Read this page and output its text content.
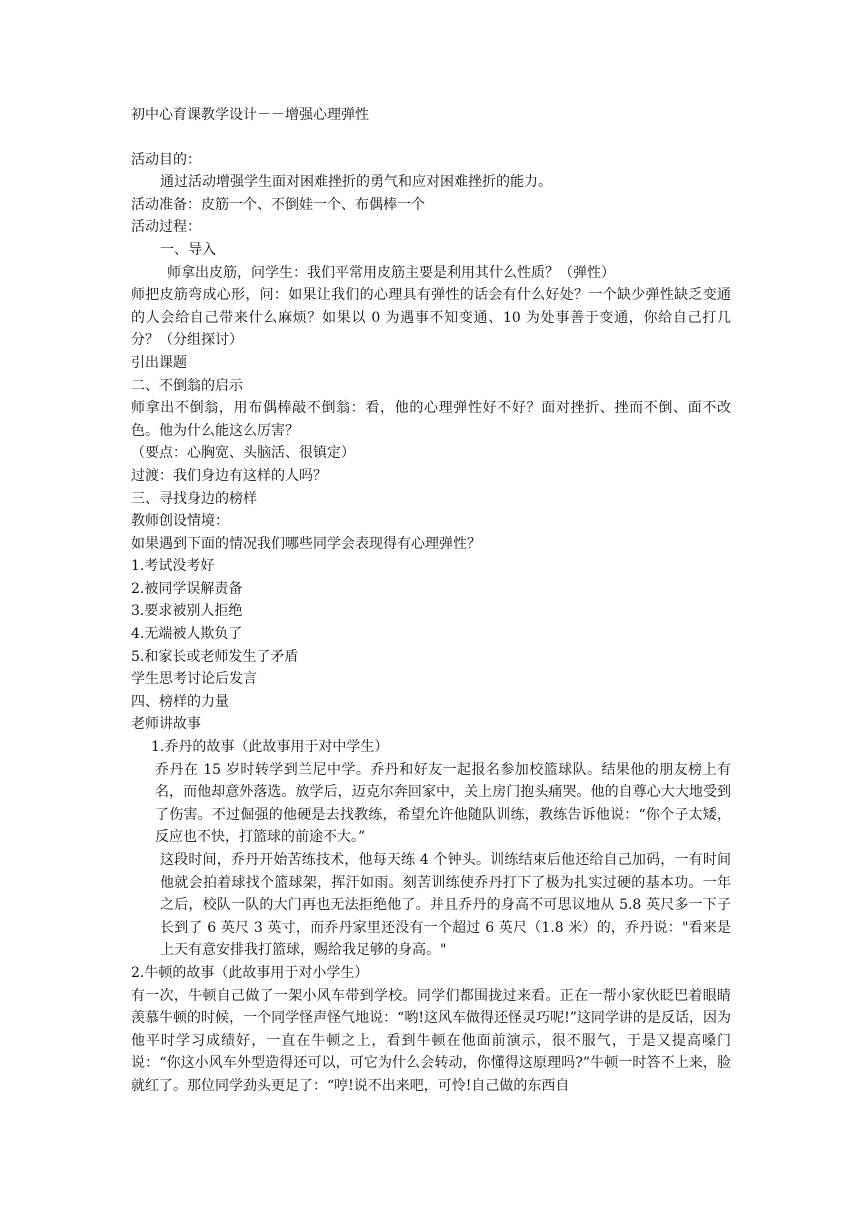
初中心育课教学设计－－增强心理弹性

活动目的：

通过活动增强学生面对困难挫折的勇气和应对困难挫折的能力。

活动准备：皮筋一个、不倒娃一个、布偶棒一个

活动过程：

一、导入

师拿出皮筋，问学生：我们平常用皮筋主要是利用其什么性质？（弹性）

师把皮筋弯成心形，问：如果让我们的心理具有弹性的话会有什么好处？一个缺少弹性缺乏变通的人会给自己带来什么麻烦？如果以 0 为遇事不知变通、10 为处事善于变通，你给自己打几分？（分组探讨）

引出课题

二、不倒翁的启示

师拿出不倒翁，用布偶棒敲不倒翁：看，他的心理弹性好不好？面对挫折、挫而不倒、面不改色。他为什么能这么厉害？

（要点：心胸宽、头脑活、很镇定）

过渡：我们身边有这样的人吗？

三、寻找身边的榜样

教师创设情境：

如果遇到下面的情况我们哪些同学会表现得有心理弹性？

1.考试没考好

2.被同学误解责备

3.要求被别人拒绝

4.无端被人欺负了

5.和家长或老师发生了矛盾

学生思考讨论后发言

四、榜样的力量

老师讲故事

1.乔丹的故事（此故事用于对中学生）

乔丹在 15 岁时转学到兰尼中学。乔丹和好友一起报名参加校篮球队。结果他的朋友榜上有名，而他却意外落选。放学后，迈克尔奔回家中，关上房门抱头痛哭。他的自尊心大大地受到了伤害。不过倔强的他硬是去找教练，希望允许他随队训练，教练告诉他说：“你个子太矮，反应也不快，打篮球的前途不大。”

这段时间，乔丹开始苦练技术，他每天练 4 个钟头。训练结束后他还给自己加码，一有时间他就会拍着球找个篮球架，挥汗如雨。刻苦训练使乔丹打下了极为扎实过硬的基本功。一年之后，校队一队的大门再也无法拒绝他了。并且乔丹的身高不可思议地从 5.8 英尺多一下子长到了 6 英尺 3 英寸，而乔丹家里还没有一个超过 6 英尺（1.8 米）的，乔丹说："看来是上天有意安排我打篮球，赐给我足够的身高。"

2.牛顿的故事（此故事用于对小学生）

有一次，牛顿自己做了一架小风车带到学校。同学们都围拢过来看。正在一帮小家伙眨巴着眼睛羡慕牛顿的时候，一个同学怪声怪气地说：“哟!这风车做得还怪灵巧呢!”这同学讲的是反话，因为他平时学习成绩好，一直在牛顿之上，看到牛顿在他面前演示，很不服气，于是又提高嗓门说：“你这小风车外型造得还可以，可它为什么会转动，你懂得这原理吗?”牛顿一时答不上来，脸就红了。那位同学劲头更足了：“哼!说不出来吧，可怜!自己做的东西自
